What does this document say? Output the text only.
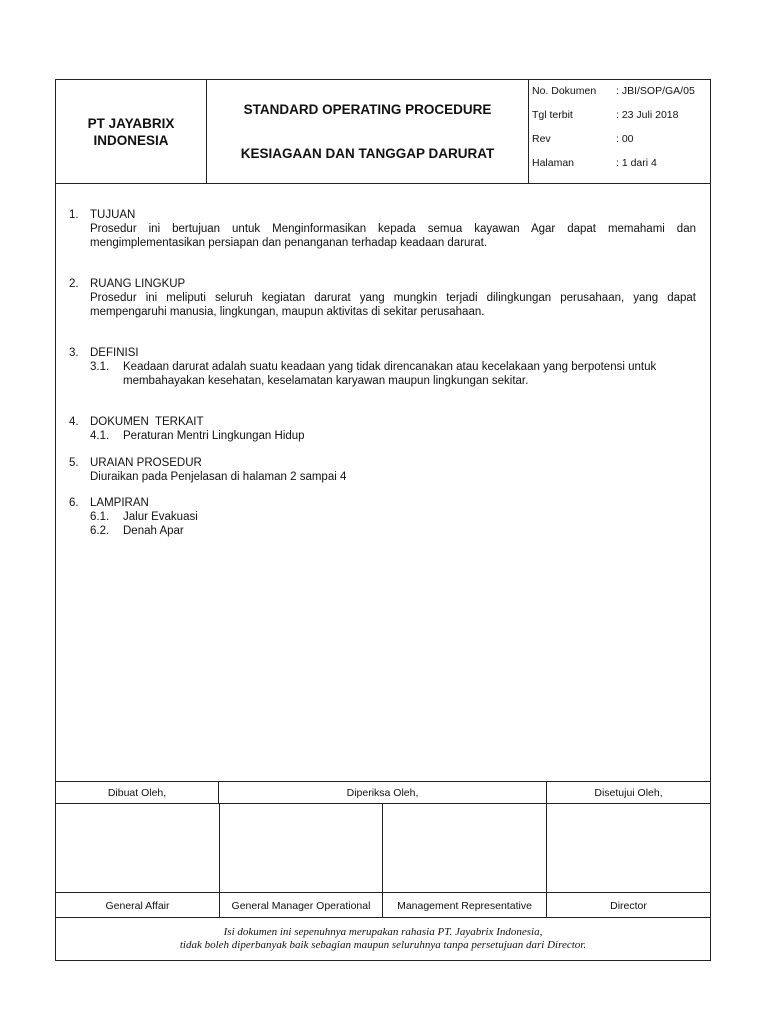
PT JAYABRIX
INDONESIA
STANDARD OPERATING PROCEDURE
KESIAGAAN DAN TANGGAP DARURAT
No. Dokumen : JBI/SOP/GA/05
Tgl terbit	: 23 Juli 2018
Rev	: 00
Halaman	: 1 dari 4
1. TUJUAN
Prosedur ini bertujuan untuk Menginformasikan kepada semua kayawan Agar dapat memahami dan mengimplementasikan persiapan dan penanganan terhadap keadaan darurat.
2. RUANG LINGKUP
Prosedur ini meliputi seluruh kegiatan darurat yang mungkin terjadi dilingkungan perusahaan, yang dapat mempengaruhi manusia, lingkungan, maupun aktivitas di sekitar perusahaan.
3. DEFINISI
3.1. Keadaan darurat adalah suatu keadaan yang tidak direncanakan atau kecelakaan yang berpotensi untuk membahayakan kesehatan, keselamatan karyawan maupun lingkungan sekitar.
4. DOKUMEN  TERKAIT
4.1. Peraturan Mentri Lingkungan Hidup
5. URAIAN PROSEDUR
Diuraikan pada Penjelasan di halaman 2 sampai 4
6. LAMPIRAN
6.1. Jalur Evakuasi
6.2. Denah Apar
Dibuat Oleh,	Diperiksa Oleh,	Disetujui Oleh,
General Affair	General Manager Operational	Management Representative	Director
Isi dokumen ini sepenuhnya merupakan rahasia PT. Jayabrix Indonesia,
tidak boleh diperbanyak baik sebagian maupun seluruhnya tanpa persetujuan dari Director.
